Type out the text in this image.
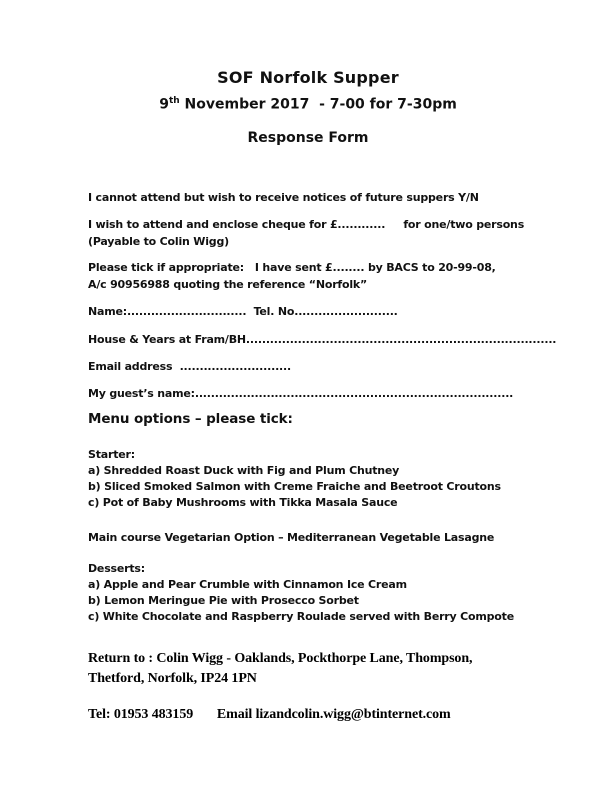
SOF Norfolk Supper
9th November 2017  - 7-00 for 7-30pm
Response Form
I cannot attend but wish to receive notices of future suppers Y/N
I wish to attend and enclose cheque for £............     for one/two persons
(Payable to Colin Wigg)
Please tick if appropriate:   I have sent £........ by BACS to 20-99-08,
A/c 90956988 quoting the reference “Norfolk”
Name:..............................  Tel. No..........................
House & Years at Fram/BH..............................................................................
Email address  ............................
My guest’s name:................................................................................
Menu options – please tick:
Starter:
a) Shredded Roast Duck with Fig and Plum Chutney
b) Sliced Smoked Salmon with Creme Fraiche and Beetroot Croutons
c) Pot of Baby Mushrooms with Tikka Masala Sauce
Main course Vegetarian Option – Mediterranean Vegetable Lasagne
Desserts:
a) Apple and Pear Crumble with Cinnamon Ice Cream
b) Lemon Meringue Pie with Prosecco Sorbet
c) White Chocolate and Raspberry Roulade served with Berry Compote
Return to : Colin Wigg - Oaklands, Pockthorpe Lane, Thompson,
Thetford, Norfolk, IP24 1PN
Tel: 01953 483159       Email lizandcolin.wigg@btinternet.com
